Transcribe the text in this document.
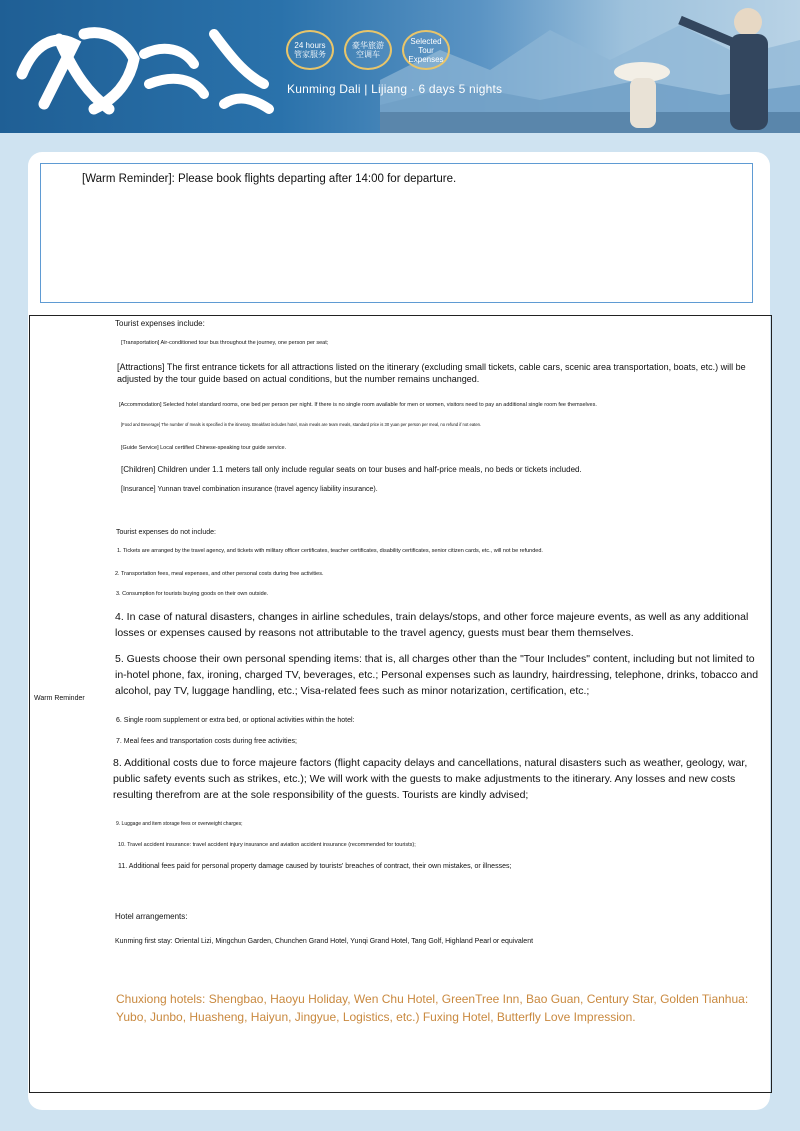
24 hours 管家服务
豪华旅游 空调车
Selected Tour Expenses
Kunming Dali | Lijiang · 6 days 5 nights

[Warm Reminder]: Please book flights departing after 14:00 for departure.

Warm Reminder
Tourist expenses include:
[Transportation] Air-conditioned tour bus throughout the journey, one person per seat;
[Attractions] The first entrance tickets for all attractions listed on the itinerary (excluding small tickets, cable cars, scenic area transportation, boats, etc.) will be adjusted by the tour guide based on actual conditions, but the number remains unchanged.
[Accommodation] Selected hotel standard rooms, one bed per person per night. If there is no single room available for men or women, visitors need to pay an additional single room fee themselves.
[Food and Beverage] The number of meals is specified in the itinerary. Breakfast includes hotel, main meals are team meals, standard price is 30 yuan per person per meal, no refund if not eaten.
[Guide Service] Local certified Chinese-speaking tour guide service.
[Children] Children under 1.1 meters tall only include regular seats on tour buses and half-price meals, no beds or tickets included.
[Insurance] Yunnan travel combination insurance (travel agency liability insurance).
Tourist expenses do not include:
1. Tickets are arranged by the travel agency, and tickets with military officer certificates, teacher certificates, disability certificates, senior citizen cards, etc., will not be refunded.
2. Transportation fees, meal expenses, and other personal costs during free activities.
3. Consumption for tourists buying goods on their own outside.
4. In case of natural disasters, changes in airline schedules, train delays/stops, and other force majeure events, as well as any additional losses or expenses caused by reasons not attributable to the travel agency, guests must bear them themselves.
5. Guests choose their own personal spending items: that is, all charges other than the "Tour Includes" content, including but not limited to in-hotel phone, fax, ironing, charged TV, beverages, etc.; Personal expenses such as laundry, hairdressing, telephone, drinks, tobacco and alcohol, pay TV, luggage handling, etc.; Visa-related fees such as minor notarization, certification, etc.;
6. Single room supplement or extra bed, or optional activities within the hotel:
7. Meal fees and transportation costs during free activities;
8. Additional costs due to force majeure factors (flight capacity delays and cancellations, natural disasters such as weather, geology, war, public safety events such as strikes, etc.); We will work with the guests to make adjustments to the itinerary. Any losses and new costs resulting therefrom are at the sole responsibility of the guests. Tourists are kindly advised;
9. Luggage and item storage fees or overweight charges;
10. Travel accident insurance: travel accident injury insurance and aviation accident insurance (recommended for tourists);
11. Additional fees paid for personal property damage caused by tourists' breaches of contract, their own mistakes, or illnesses;
Hotel arrangements:
Kunming first stay: Oriental Lizi, Mingchun Garden, Chunchen Grand Hotel, Yunqi Grand Hotel, Tang Golf, Highland Pearl or equivalent
Chuxiong hotels: Shengbao, Haoyu Holiday, Wen Chu Hotel, GreenTree Inn, Bao Guan, Century Star, Golden Tianhua: Yubo, Junbo, Huasheng, Haiyun, Jingyue, Logistics, etc.) Fuxing Hotel, Butterfly Love Impression.
